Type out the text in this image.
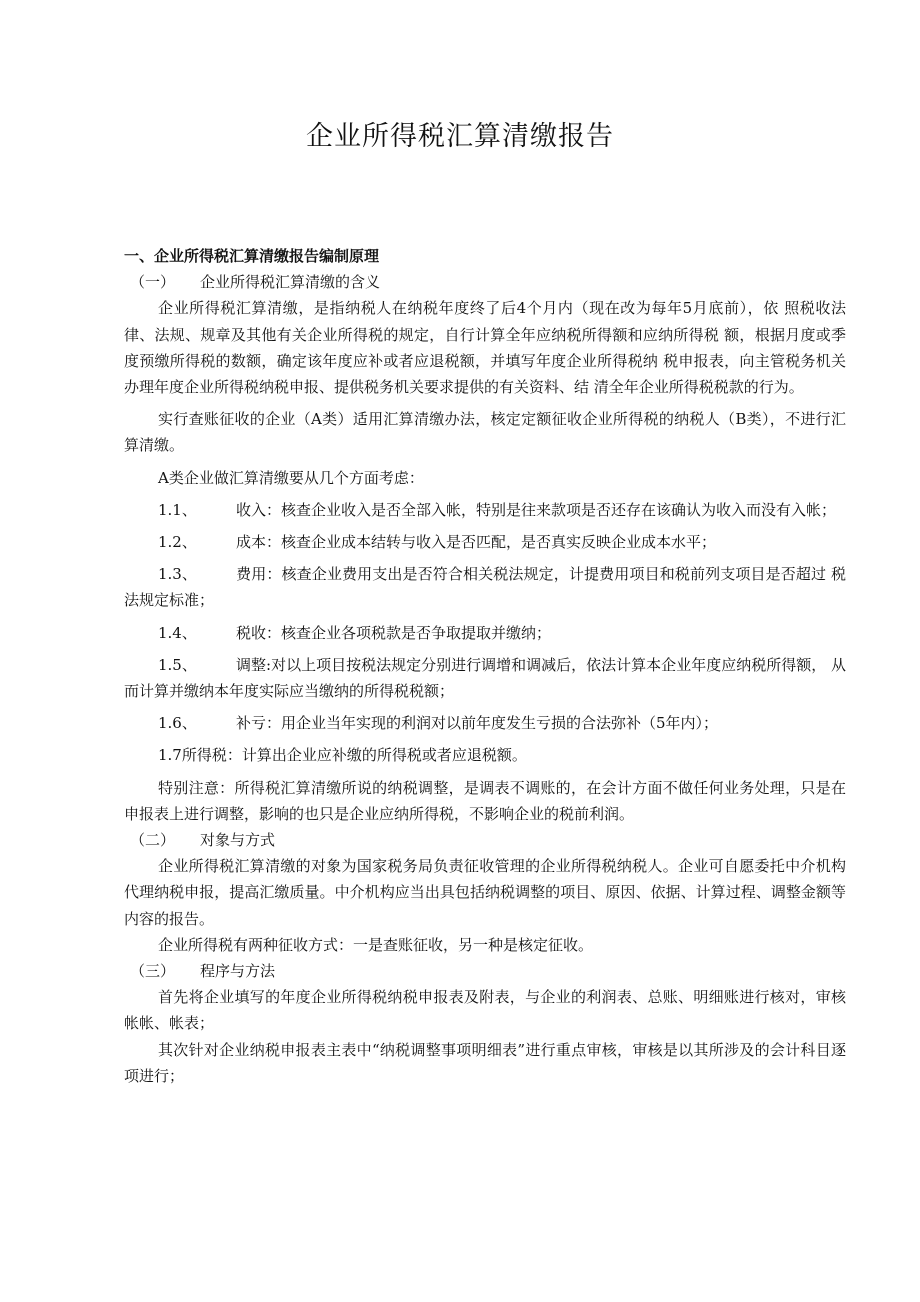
企业所得税汇算清缴报告

一、企业所得税汇算清缴报告编制原理

（一） 企业所得税汇算清缴的含义

企业所得税汇算清缴，是指纳税人在纳税年度终了后4个月内（现在改为每年5月底前），依 照税收法律、法规、规章及其他有关企业所得税的规定，自行计算全年应纳税所得额和应纳所得税 额，根据月度或季度预缴所得税的数额，确定该年度应补或者应退税额，并填写年度企业所得税纳 税申报表，向主管税务机关办理年度企业所得税纳税申报、提供税务机关要求提供的有关资料、结 清全年企业所得税税款的行为。

实行查账征收的企业（A类）适用汇算清缴办法，核定定额征收企业所得税的纳税人（B类），不进行汇算清缴。

A类企业做汇算清缴要从几个方面考虑：

1.1、	收入：核查企业收入是否全部入帐，特别是往来款项是否还存在该确认为收入而没有入帐；

1.2、	成本：核查企业成本结转与收入是否匹配，是否真实反映企业成本水平；

1.3、	费用：核查企业费用支出是否符合相关税法规定，计提费用项目和税前列支项目是否超过 税法规定标准；

1.4、	税收：核查企业各项税款是否争取提取并缴纳；

1.5、	调整:对以上项目按税法规定分别进行调增和调减后，依法计算本企业年度应纳税所得额， 从而计算并缴纳本年度实际应当缴纳的所得税税额；

1.6、	补亏：用企业当年实现的利润对以前年度发生亏损的合法弥补（5年内）；

1.7所得税：计算出企业应补缴的所得税或者应退税额。

特别注意：所得税汇算清缴所说的纳税调整，是调表不调账的，在会计方面不做任何业务处理，只是在申报表上进行调整，影响的也只是企业应纳所得税，不影响企业的税前利润。

（二） 对象与方式

企业所得税汇算清缴的对象为国家税务局负责征收管理的企业所得税纳税人。企业可自愿委托中介机构代理纳税申报，提高汇缴质量。中介机构应当出具包括纳税调整的项目、原因、依据、计算过程、调整金额等内容的报告。

企业所得税有两种征收方式：一是查账征收，另一种是核定征收。

（三） 程序与方法

首先将企业填写的年度企业所得税纳税申报表及附表，与企业的利润表、总账、明细账进行核对，审核帐帐、帐表；

其次针对企业纳税申报表主表中“纳税调整事项明细表”进行重点审核，审核是以其所涉及的会计科目逐项进行；
